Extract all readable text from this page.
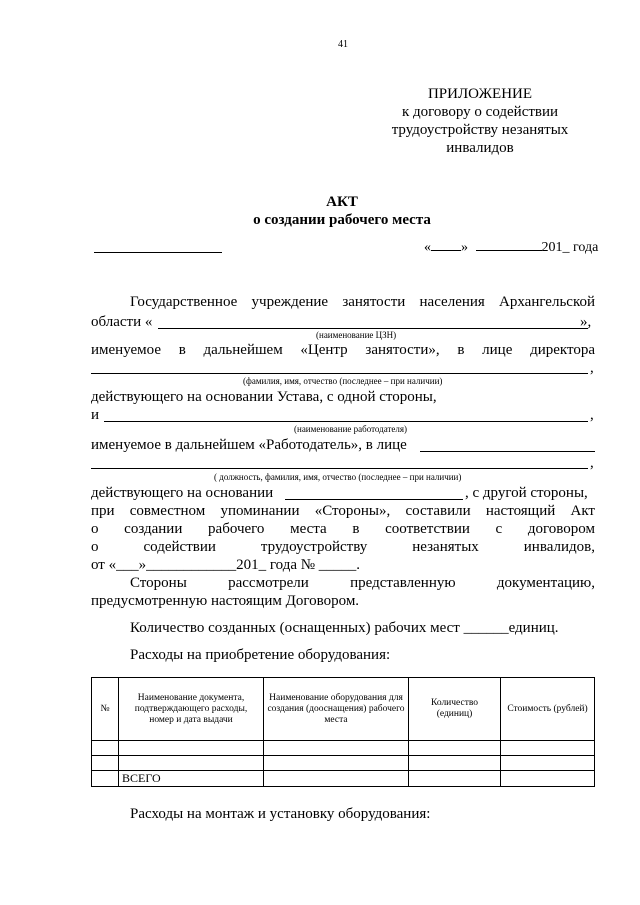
41
ПРИЛОЖЕНИЕ
к договору о содействии
трудоустройству незанятых
инвалидов
АКТ
о создании рабочего места
« »	201_ года
Государственное учреждение занятости населения Архангельской
области «	»,
(наименование ЦЗН)
именуемое в дальнейшем «Центр занятости», в лице директора
,
(фамилия, имя, отчество (последнее – при наличии)
действующего на основании Устава, с одной стороны,
и	,
(наименование работодателя)
именуемое в дальнейшем «Работодатель», в лице
,
( должность, фамилия, имя, отчество (последнее – при наличии)
действующего на основании	, с другой стороны,
при совместном упоминании «Стороны», составили настоящий Акт
о создании рабочего места в соответствии с договором
о содействии трудоустройству незанятых инвалидов,
от «___»____________201_ года № _____.
Стороны рассмотрели представленную документацию,
предусмотренную настоящим Договором.
Количество созданных (оснащенных) рабочих мест ______единиц.
Расходы на приобретение оборудования:
№	Наименование документа, подтверждающего расходы, номер и дата выдачи	Наименование оборудования для создания (дооснащения) рабочего места	Количество (единиц)	Стоимость (рублей)

	ВСЕГО			
Расходы на монтаж и установку оборудования:
